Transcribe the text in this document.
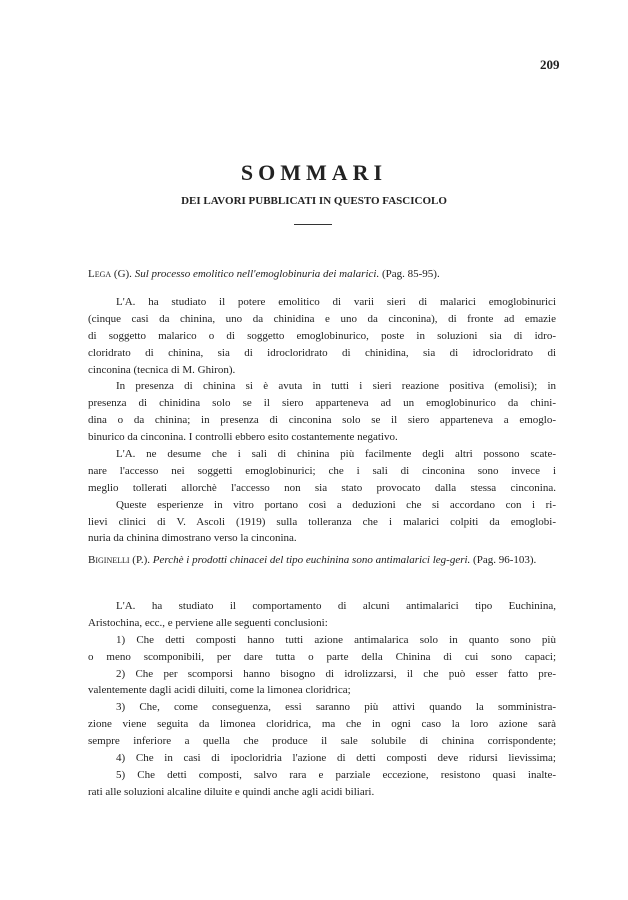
209
SOMMARI
DEI LAVORI PUBBLICATI IN QUESTO FASCICOLO
Lega (G). Sul processo emolitico nell'emoglobinuria dei malarici. (Pag. 85-95).
L'A. ha studiato il potere emolitico di varii sieri di malarici emoglobinurici
(cinque casi da chinina, uno da chinidina e uno da cinconina), di fronte ad emazie
di soggetto malarico o di soggetto emoglobinurico, poste in soluzioni sia di idro-
cloridrato di chinina, sia di idrocloridrato di chinidina, sia di idrocloridrato di
cinconina (tecnica di M. Ghiron).
In presenza di chinina si è avuta in tutti i sieri reazione positiva (emolisi); in
presenza di chinidina solo se il siero apparteneva ad un emoglobinurico da chini-
dina o da chinina; in presenza di cinconina solo se il siero apparteneva a emoglo-
binurico da cinconina. I controlli ebbero esito costantemente negativo.
L'A. ne desume che i sali di chinina più facilmente degli altri possono scate-
nare l'accesso nei soggetti emoglobinurici; che i sali di cinconina sono invece i
meglio tollerati allorchè l'accesso non sia stato provocato dalla stessa cinconina.
Queste esperienze in vitro portano così a deduzioni che si accordano con i ri-
lievi clinici di V. Ascoli (1919) sulla tolleranza che i malarici colpiti da emoglobi-
nuria da chinina dimostrano verso la cinconina.
Biginelli (P.). Perchè i prodotti chinacei del tipo euchinina sono antimalarici leg-geri. (Pag. 96-103).
L'A. ha studiato il comportamento di alcuni antimalarici tipo Euchinina,
Aristochina, ecc., e perviene alle seguenti conclusioni:
1) Che detti composti hanno tutti azione antimalarica solo in quanto sono più
o meno scomponibili, per dare tutta o parte della Chinina di cui sono capaci;
2) Che per scomporsi hanno bisogno di idrolizzarsi, il che può esser fatto pre-
valentemente dagli acidi diluiti, come la limonea cloridrica;
3) Che, come conseguenza, essi saranno più attivi quando la somministra-
zione viene seguita da limonea cloridrica, ma che in ogni caso la loro azione sarà
sempre inferiore a quella che produce il sale solubile di chinina corrispondente;
4) Che in casi di ipocloridria l'azione di detti composti deve ridursi lievissima;
5) Che detti composti, salvo rara e parziale eccezione, resistono quasi inalte-
rati alle soluzioni alcaline diluite e quindi anche agli acidi biliari.
